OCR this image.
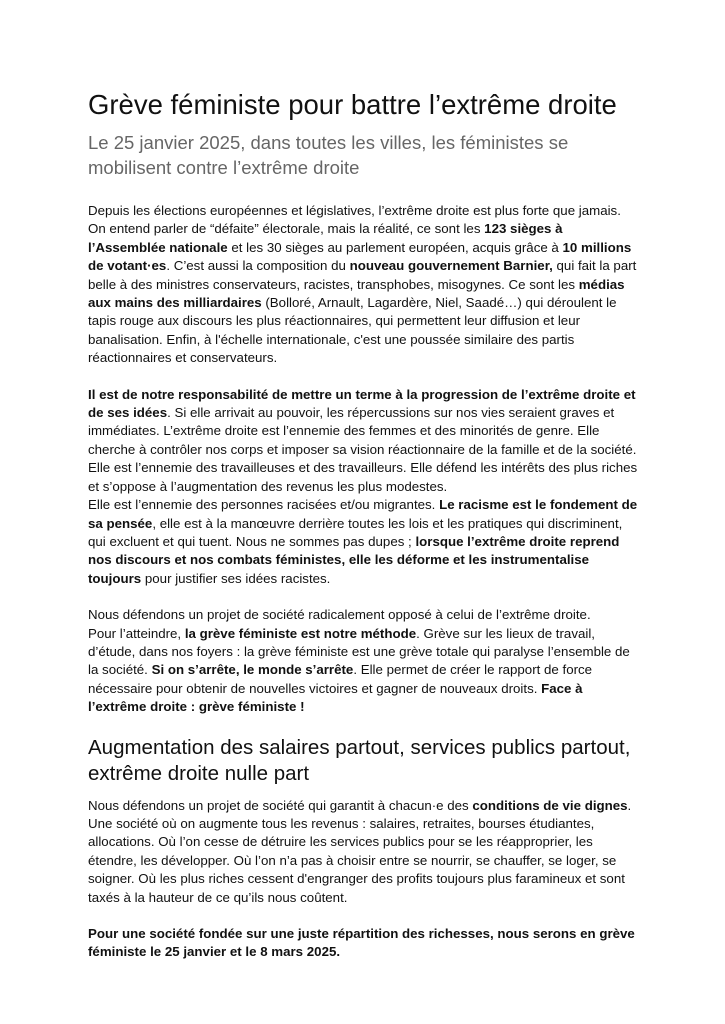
Grève féministe pour battre l’extrême droite
Le 25 janvier 2025, dans toutes les villes, les féministes se mobilisent contre l’extrême droite

Depuis les élections européennes et législatives, l’extrême droite est plus forte que jamais. On entend parler de “défaite” électorale, mais la réalité, ce sont les 123 sièges à l’Assemblée nationale et les 30 sièges au parlement européen, acquis grâce à 10 millions de votant·es. C’est aussi la composition du nouveau gouvernement Barnier, qui fait la part belle à des ministres conservateurs, racistes, transphobes, misogynes. Ce sont les médias aux mains des milliardaires (Bolloré, Arnault, Lagardère, Niel, Saadé…) qui déroulent le tapis rouge aux discours les plus réactionnaires, qui permettent leur diffusion et leur banalisation. Enfin, à l'échelle internationale, c'est une poussée similaire des partis réactionnaires et conservateurs.

Il est de notre responsabilité de mettre un terme à la progression de l’extrême droite et de ses idées. Si elle arrivait au pouvoir, les répercussions sur nos vies seraient graves et immédiates. L’extrême droite est l’ennemie des femmes et des minorités de genre. Elle cherche à contrôler nos corps et imposer sa vision réactionnaire de la famille et de la société. Elle est l’ennemie des travailleuses et des travailleurs. Elle défend les intérêts des plus riches et s’oppose à l’augmentation des revenus les plus modestes.
Elle est l’ennemie des personnes racisées et/ou migrantes. Le racisme est le fondement de sa pensée, elle est à la manœuvre derrière toutes les lois et les pratiques qui discriminent, qui excluent et qui tuent. Nous ne sommes pas dupes ; lorsque l’extrême droite reprend nos discours et nos combats féministes, elle les déforme et les instrumentalise toujours pour justifier ses idées racistes.

Nous défendons un projet de société radicalement opposé à celui de l’extrême droite.
Pour l’atteindre, la grève féministe est notre méthode. Grève sur les lieux de travail, d’étude, dans nos foyers : la grève féministe est une grève totale qui paralyse l’ensemble de la société. Si on s’arrête, le monde s’arrête. Elle permet de créer le rapport de force nécessaire pour obtenir de nouvelles victoires et gagner de nouveaux droits. Face à l’extrême droite : grève féministe !

Augmentation des salaires partout, services publics partout, extrême droite nulle part

Nous défendons un projet de société qui garantit à chacun·e des conditions de vie dignes. Une société où on augmente tous les revenus : salaires, retraites, bourses étudiantes, allocations. Où l’on cesse de détruire les services publics pour se les réapproprier, les étendre, les développer. Où l’on n’a pas à choisir entre se nourrir, se chauffer, se loger, se soigner. Où les plus riches cessent d'engranger des profits toujours plus faramineux et sont taxés à la hauteur de ce qu’ils nous coûtent.

Pour une société fondée sur une juste répartition des richesses, nous serons en grève féministe le 25 janvier et le 8 mars 2025.
